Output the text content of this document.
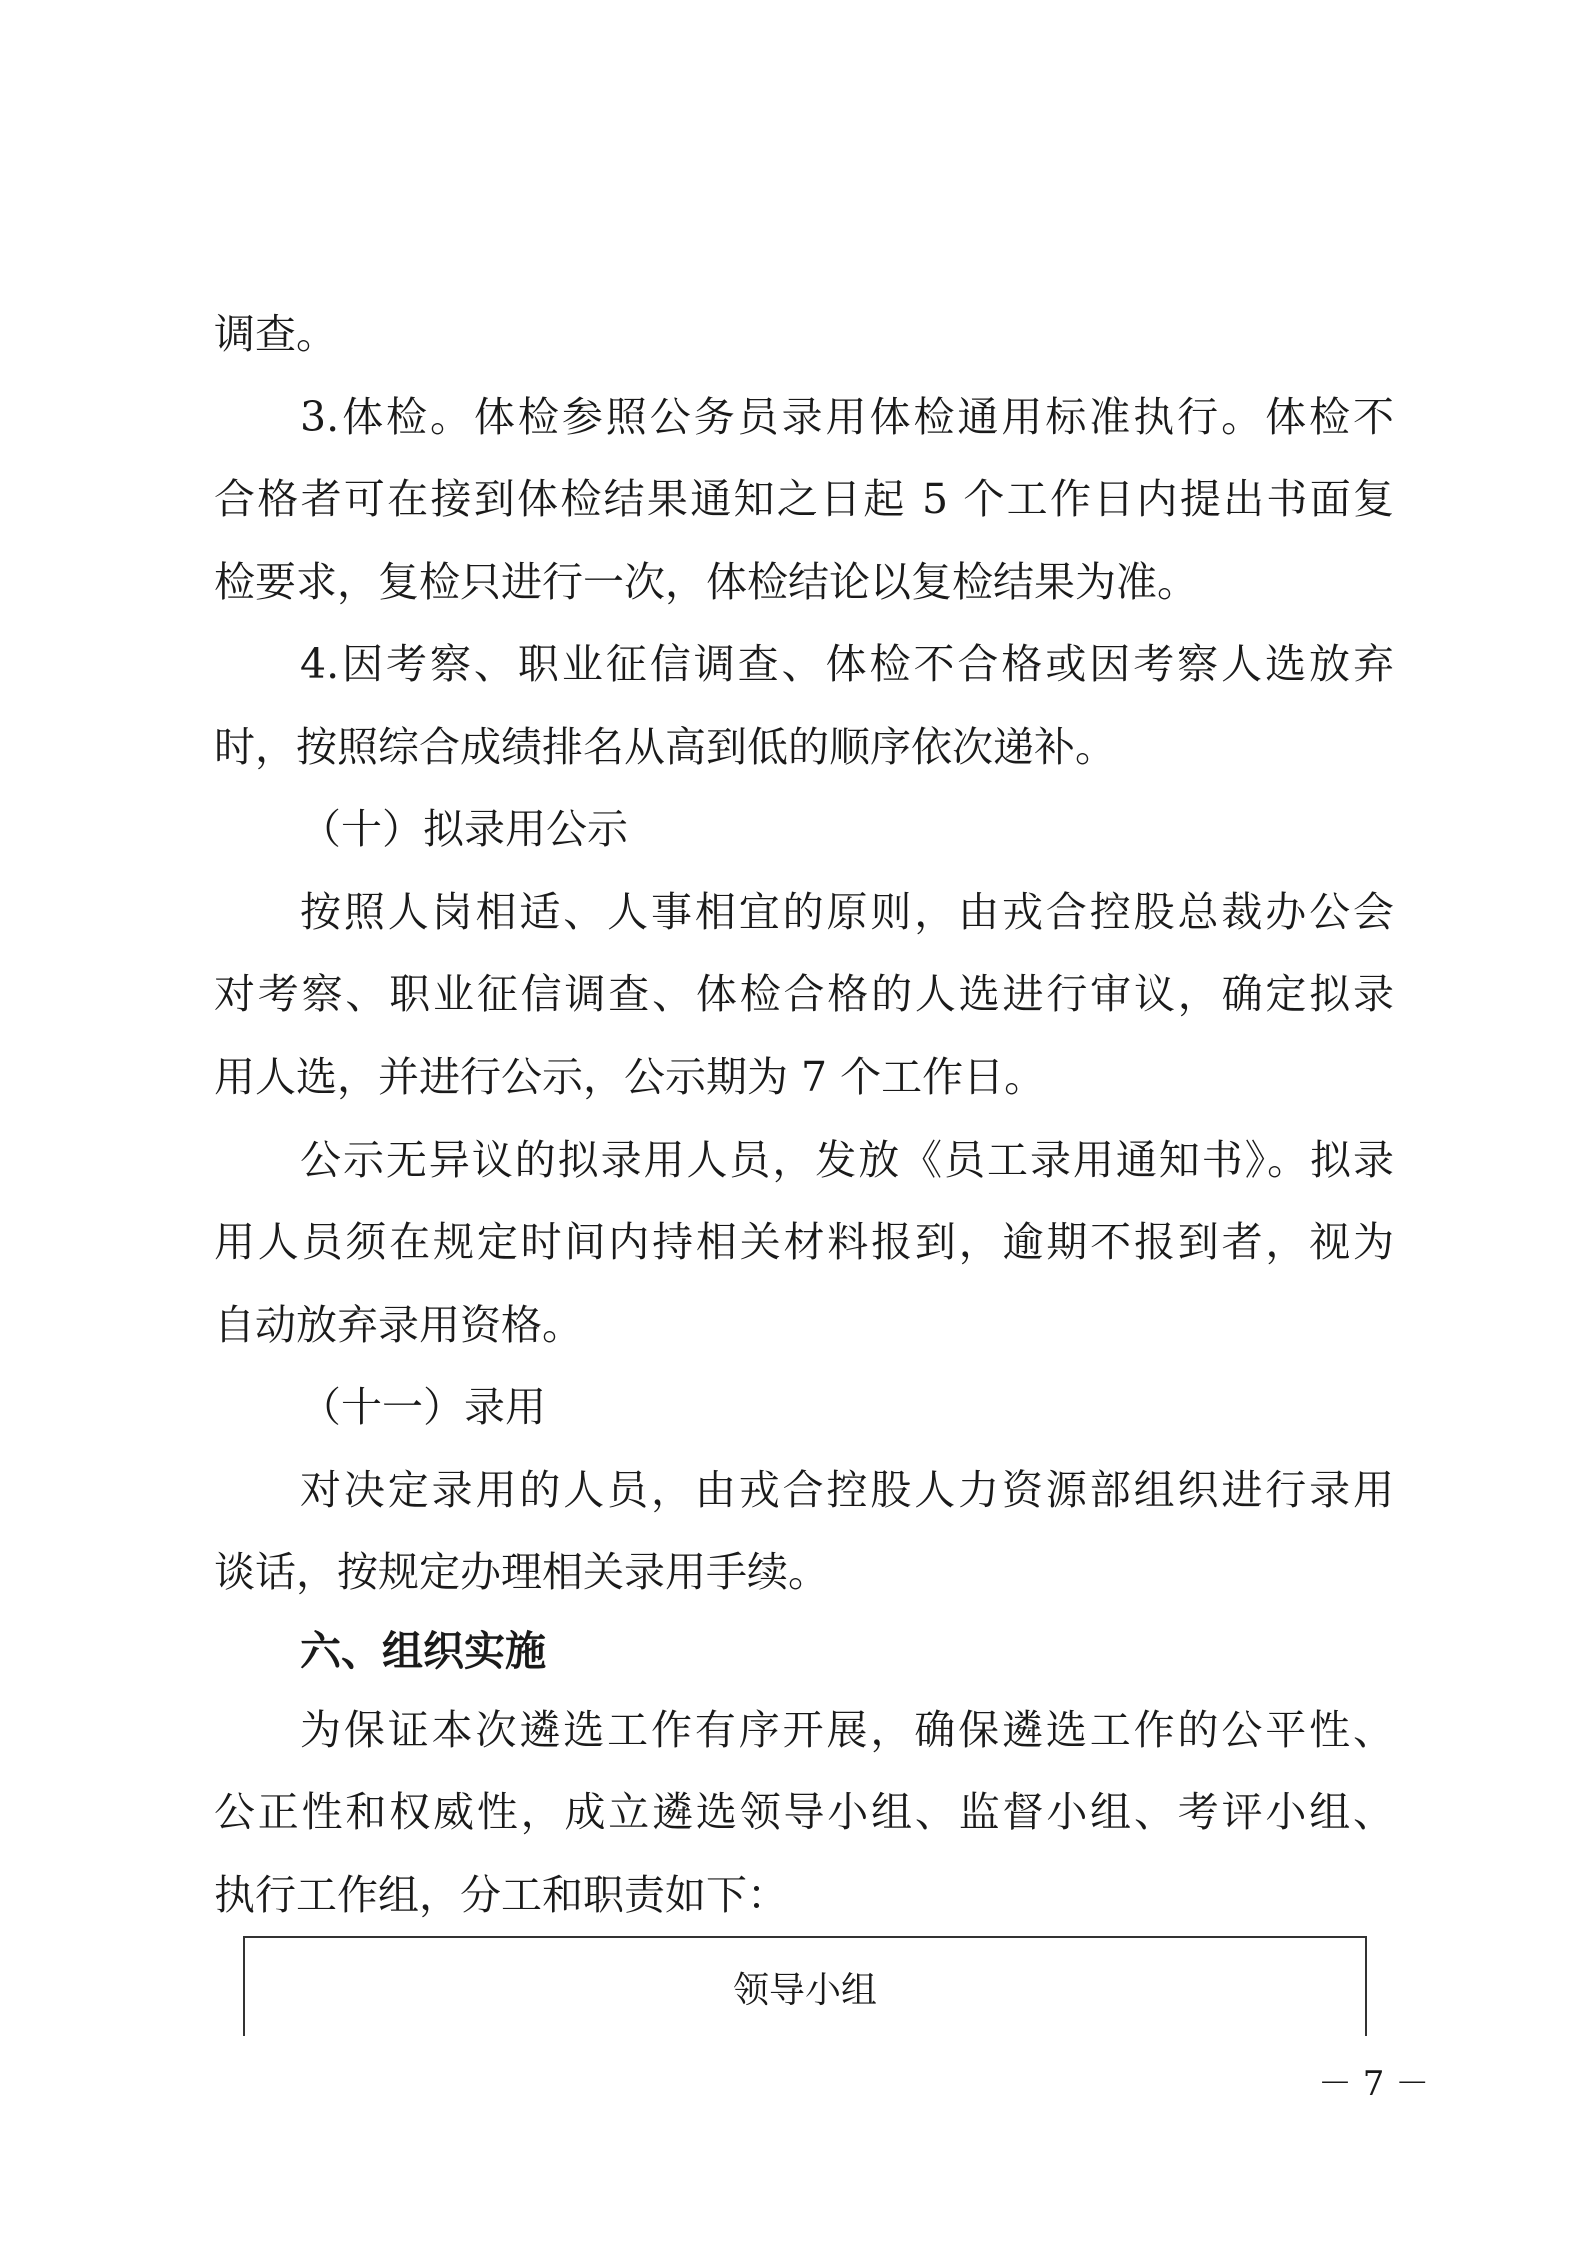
调查。
3.体检。体检参照公务员录用体检通用标准执行。体检不
合格者可在接到体检结果通知之日起 5 个工作日内提出书面复
检要求，复检只进行一次，体检结论以复检结果为准。
4.因考察、职业征信调查、体检不合格或因考察人选放弃
时，按照综合成绩排名从高到低的顺序依次递补。
（十）拟录用公示
按照人岗相适、人事相宜的原则，由戎合控股总裁办公会
对考察、职业征信调查、体检合格的人选进行审议，确定拟录
用人选，并进行公示，公示期为 7 个工作日。
公示无异议的拟录用人员，发放《员工录用通知书》。拟录
用人员须在规定时间内持相关材料报到，逾期不报到者，视为
自动放弃录用资格。
（十一）录用
对决定录用的人员，由戎合控股人力资源部组织进行录用
谈话，按规定办理相关录用手续。
六、组织实施
为保证本次遴选工作有序开展，确保遴选工作的公平性、
公正性和权威性，成立遴选领导小组、监督小组、考评小组、
执行工作组，分工和职责如下：
领导小组
－ 7 －
